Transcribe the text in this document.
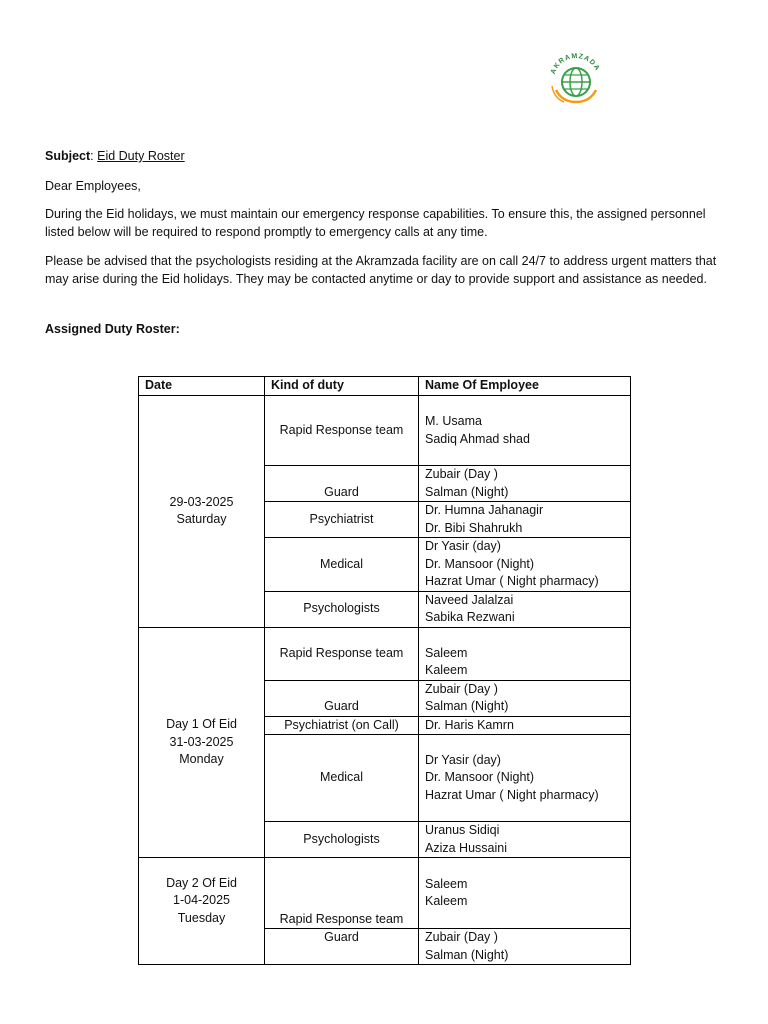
AKRAMZADA

Subject: Eid Duty Roster

Dear Employees,

During the Eid holidays, we must maintain our emergency response capabilities. To ensure this, the assigned personnel listed below will be required to respond promptly to emergency calls at any time.

Please be advised that the psychologists residing at the Akramzada facility are on call 24/7 to address urgent matters that may arise during the Eid holidays. They may be contacted anytime or day to provide support and assistance as needed.

Assigned Duty Roster:

Date	Kind of duty	Name Of Employee

29-03-2025
Saturday	Rapid Response team	M. Usama
Sadiq Ahmad shad

	Guard	Zubair (Day )
Salman (Night)

	Psychiatrist	Dr. Humna Jahanagir
Dr. Bibi Shahrukh

	Medical	Dr Yasir (day)
Dr. Mansoor (Night)
Hazrat Umar ( Night pharmacy)

	Psychologists	Naveed Jalalzai
Sabika Rezwani

Day 1 Of Eid
31-03-2025
Monday	Rapid Response team	Saleem
Kaleem

	Guard	Zubair (Day )
Salman (Night)

	Psychiatrist (on Call)	Dr. Haris Kamrn

	Medical	Dr Yasir (day)
Dr. Mansoor (Night)
Hazrat Umar ( Night pharmacy)

	Psychologists	Uranus Sidiqi
Aziza Hussaini

Day 2 Of Eid
1-04-2025
Tuesday	Rapid Response team	Saleem
Kaleem

	Guard	Zubair (Day )
Salman (Night)
